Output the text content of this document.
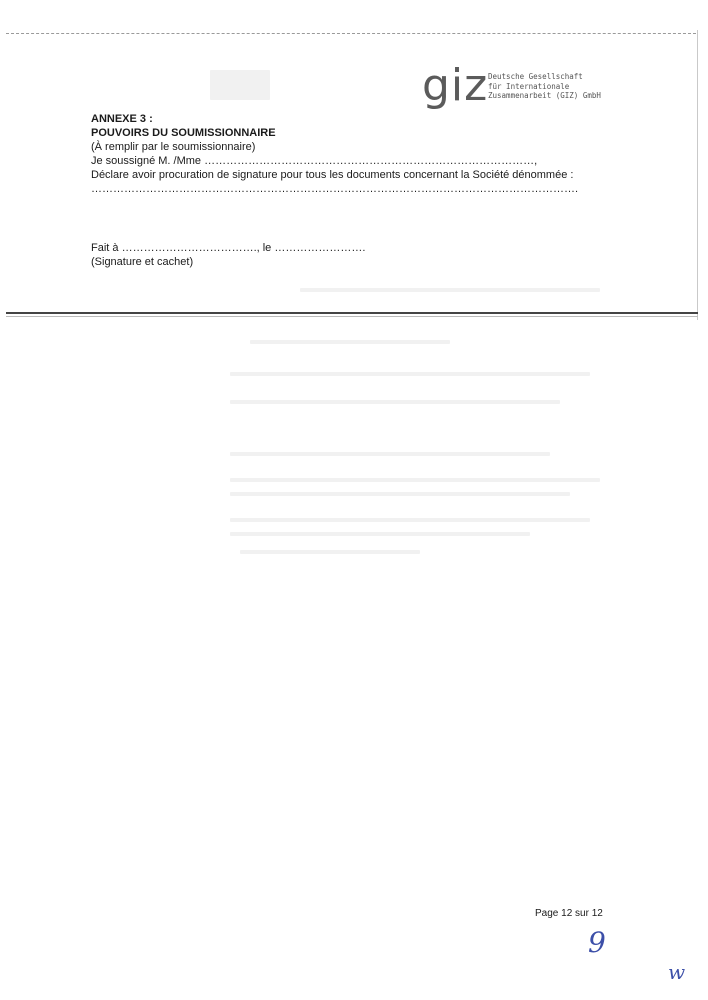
giz Deutsche Gesellschaft
für Internationale
Zusammenarbeit (GIZ) GmbH
ANNEXE 3 :
POUVOIRS DU SOUMISSIONNAIRE
(À remplir par le soumissionnaire)
Je soussigné M. /Mme ………………………………………………………………………………,
Déclare avoir procuration de signature pour tous les documents concernant la Société dénommée :
…………………………………………………………………………………………………………………….
Fait à ………………………………., le …………………….
(Signature et cachet)
Page 12 sur 12
9
w
